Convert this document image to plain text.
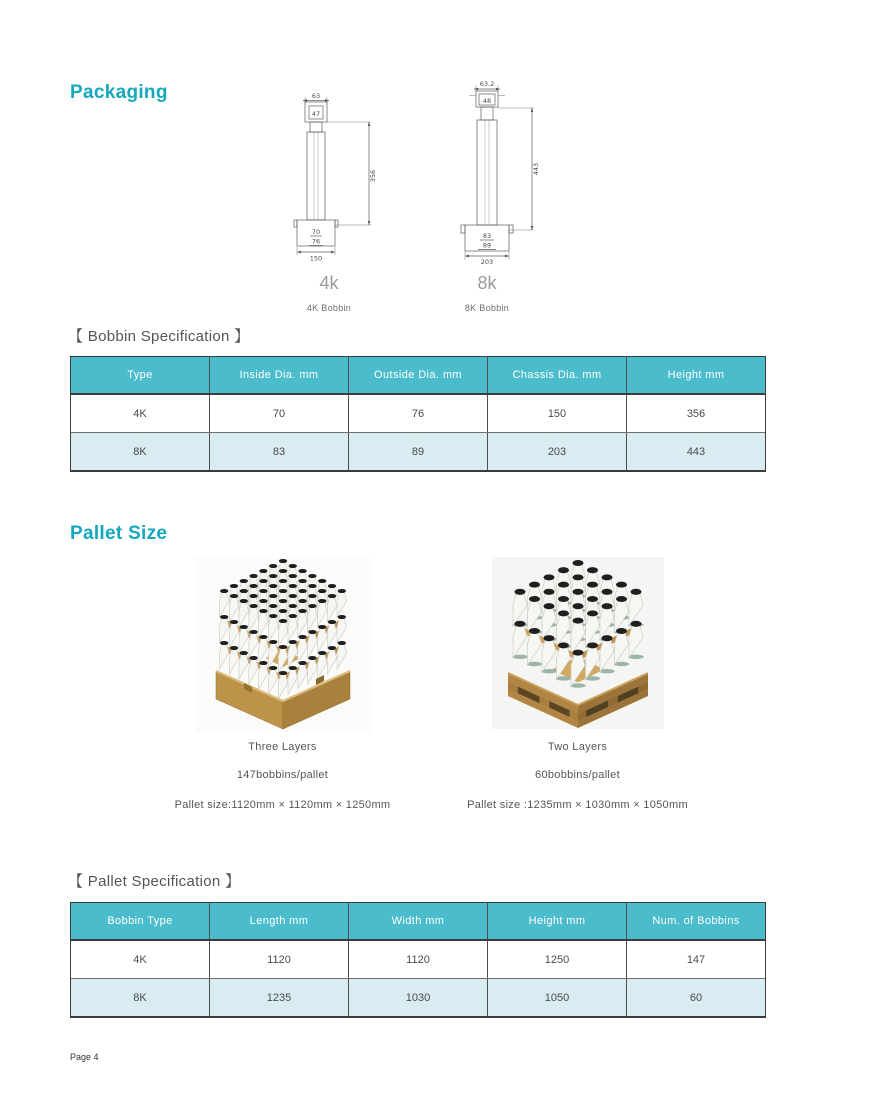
Packaging	63
47
70
76
150
356
63.2
48
83
89
203
443
4k
4K Bobbin
8k
8K Bobbin
【 Bobbin Specification 】
Type	Inside Dia. mm	Outside Dia. mm	Chassis Dia. mm	Height mm
4K	70	76	150	356
8K	83	89	203	443
Pallet Size
Three Layers
147bobbins/pallet
Pallet size:1120mm × 1120mm × 1250mm
Two Layers
60bobbins/pallet
Pallet size :1235mm × 1030mm × 1050mm
【 Pallet Specification 】
Bobbin Type	Length mm	Width mm	Height mm	Num. of Bobbins
4K	1120	1120	1250	147
8K	1235	1030	1050	60
Page 4
